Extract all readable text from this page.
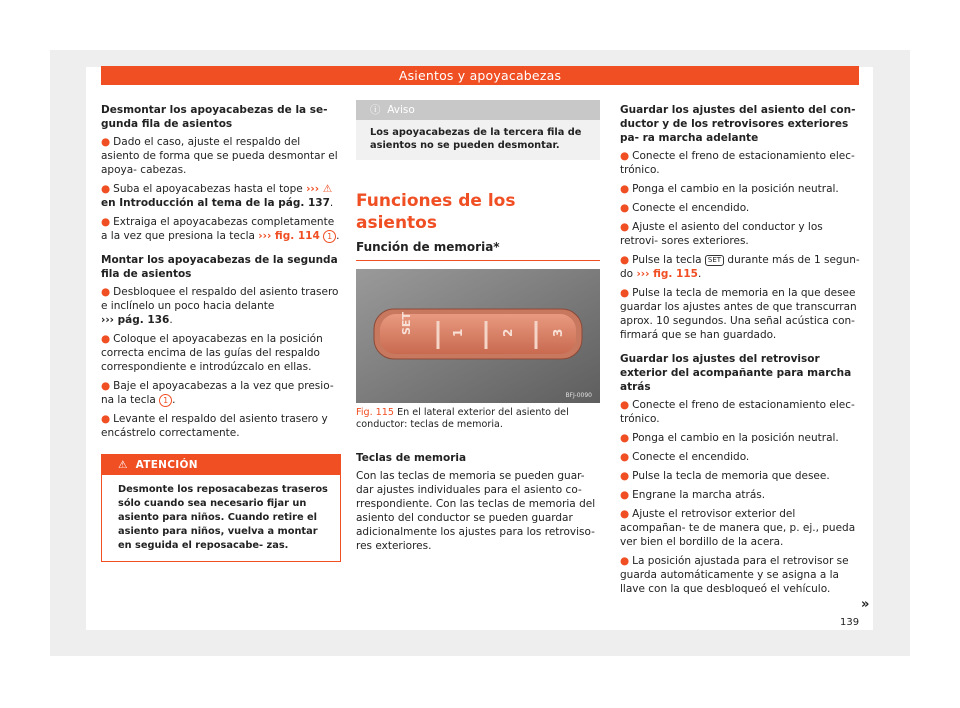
Asientos y apoyacabezas
Desmontar los apoyacabezas de la se- gunda fila de asientos

● Dado el caso, ajuste el respaldo del asiento de forma que se pueda desmontar el apoya- cabezas.

● Suba el apoyacabezas hasta el tope ››› ⚠
en Introducción al tema de la pág. 137.

● Extraiga el apoyacabezas completamente a la vez que presiona la tecla ››› fig. 114 1 .

Montar los apoyacabezas de la segunda fila de asientos

● Desbloquee el respaldo del asiento trasero e inclínelo un poco hacia delante
››› pág. 136.

● Coloque el apoyacabezas en la posición correcta encima de las guías del respaldo correspondiente e introdúzcalo en ellas.

● Baje el apoyacabezas a la vez que presio- na la tecla 1 .

● Levante el respaldo del asiento trasero y encástrelo correctamente.

⚠ ATENCIÓN
Desmonte los reposacabezas traseros sólo cuando sea necesario fijar un asiento para niños. Cuando retire el asiento para niños, vuelva a montar en seguida el reposacabe- zas.
ⓘ Aviso
Los apoyacabezas de la tercera fila de asientos no se pueden desmontar.
Funciones de los asientos
Función de memoria*
SET	1	2	3
BFJ-0090
Fig. 115 En el lateral exterior del asiento del conductor: teclas de memoria.
Teclas de memoria

Con las teclas de memoria se pueden guar- dar ajustes individuales para el asiento co- rrespondiente. Con las teclas de memoria del asiento del conductor se pueden guardar adicionalmente los ajustes para los retroviso- res exteriores.

Guardar los ajustes del asiento del con- ductor y de los retrovisores exteriores pa- ra marcha adelante

● Conecte el freno de estacionamiento elec- trónico.

● Ponga el cambio en la posición neutral.

● Conecte el encendido.

● Ajuste el asiento del conductor y los retrovi- sores exteriores.

● Pulse la tecla SET durante más de 1 segun- do ››› fig. 115.

● Pulse la tecla de memoria en la que desee guardar los ajustes antes de que transcurran aprox. 10 segundos. Una señal acústica con- firmará que se han guardado.

Guardar los ajustes del retrovisor exterior del acompañante para marcha atrás

● Conecte el freno de estacionamiento elec- trónico.

● Ponga el cambio en la posición neutral.

● Conecte el encendido.

● Pulse la tecla de memoria que desee.

● Engrane la marcha atrás.

● Ajuste el retrovisor exterior del acompañan- te de manera que, p. ej., pueda ver bien el bordillo de la acera.

● La posición ajustada para el retrovisor se guarda automáticamente y se asigna a la llave con la que desbloqueó el vehículo.

»
139
